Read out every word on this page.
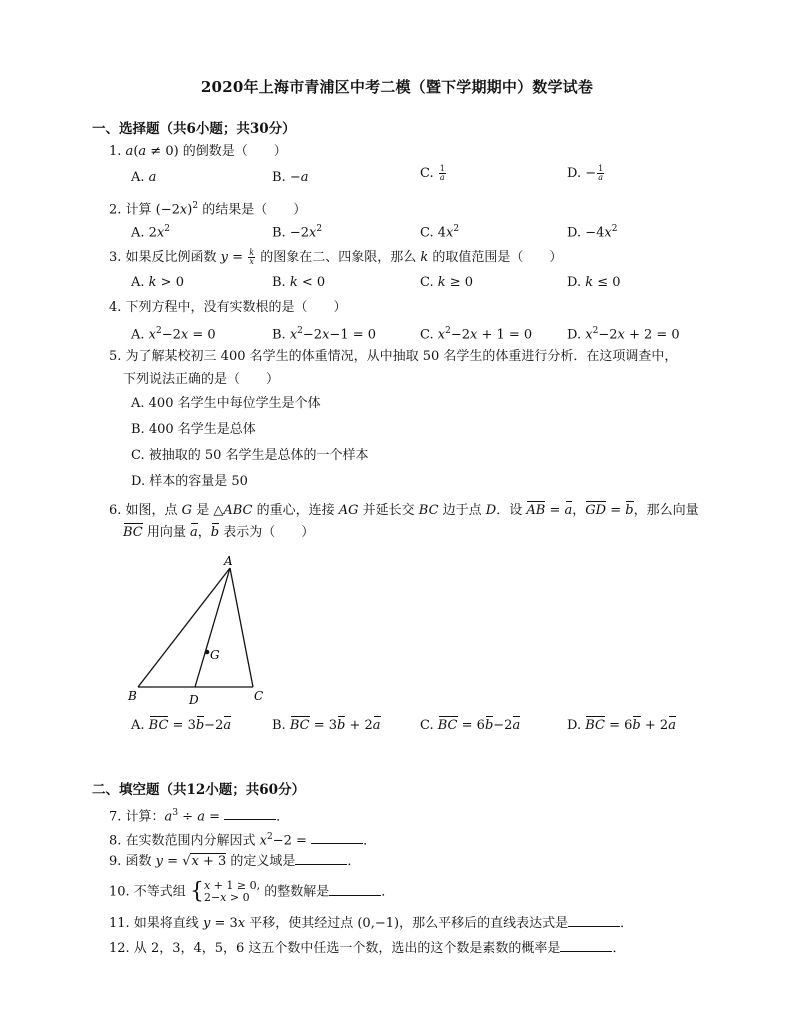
2020年上海市青浦区中考二模（暨下学期期中）数学试卷
一、选择题（共6小题；共30分）
1. a(a ≠ 0) 的倒数是（　　）
A. a	B. −a	C. $\frac{1}{a}$	D. − $\frac{1}{a}$
2. 计算 $(-2x)^2$ 的结果是（　　）
A. $2x^2$	B. $-2x^2$	C. $4x^2$	D. $-4x^2$
3. 如果反比例函数 $y = \frac{k}{x}$ 的图象在二、四象限，那么 k 的取值范围是（　　）
A. k > 0	B. k < 0	C. k ≥ 0	D. k ≤ 0
4. 下列方程中，没有实数根的是（　　）
A. $x^2-2x = 0$	B. $x^2-2x-1 = 0$	C. $x^2-2x + 1 = 0$	D. $x^2-2x + 2 = 0$
5. 为了解某校初三 400 名学生的体重情况，从中抽取 50 名学生的体重进行分析．在这项调查中，
下列说法正确的是（　　）
A. 400 名学生中每位学生是个体
B. 400 名学生是总体
C. 被抽取的 50 名学生是总体的一个样本
D. 样本的容量是 50
6. 如图，点 G 是 △ABC 的重心，连接 AG 并延长交 BC 边于点 D．设 AB = a，GD = b，那么向量
BC 用向量 a，b 表示为（　　）
A
G
B	D	C
A. BC = 3b−2a	B. BC = 3b + 2a	C. BC = 6b−2a	D. BC = 6b + 2a
二、填空题（共12小题；共60分）
7. 计算：$a^3 \div a$ =	．
8. 在实数范围内分解因式 $x^2-2$ =	．
9. 函数 y = √x + 3 的定义域是	．
10. 不等式组 {x + 1 ≥ 0,
2−x > 0 的整数解是	．
11. 如果将直线 y = 3x 平移，使其经过点 (0,−1)，那么平移后的直线表达式是	．
12. 从 2，3，4，5，6 这五个数中任选一个数，选出的这个数是素数的概率是	．
